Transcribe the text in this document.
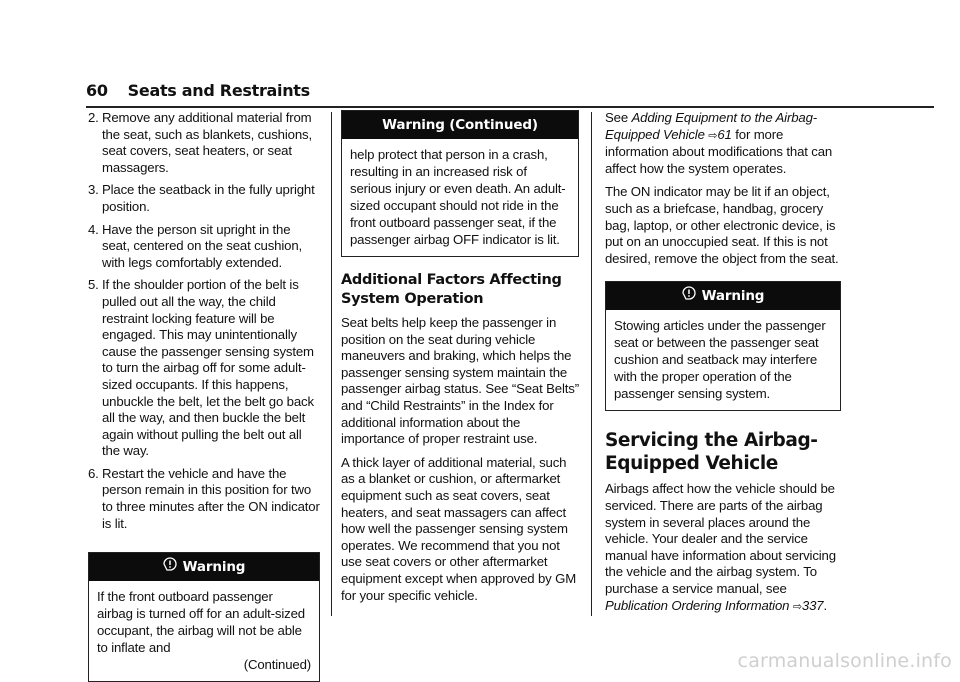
60 Seats and Restraints
2. Remove any additional material from the seat, such as blankets, cushions, seat covers, seat heaters, or seat massagers.
3. Place the seatback in the fully upright position.
4. Have the person sit upright in the seat, centered on the seat cushion, with legs comfortably extended.
5. If the shoulder portion of the belt is pulled out all the way, the child restraint locking feature will be engaged. This may unintentionally cause the passenger sensing system to turn the airbag off for some adult-sized occupants. If this happens, unbuckle the belt, let the belt go back all the way, and then buckle the belt again without pulling the belt out all the way.
6. Restart the vehicle and have the person remain in this position for two to three minutes after the ON indicator is lit.
Warning
If the front outboard passenger airbag is turned off for an adult-sized occupant, the airbag will not be able to inflate and
(Continued)
Warning (Continued)
help protect that person in a crash, resulting in an increased risk of serious injury or even death. An adult-sized occupant should not ride in the front outboard passenger seat, if the passenger airbag OFF indicator is lit.
Additional Factors Affecting System Operation

Seat belts help keep the passenger in position on the seat during vehicle maneuvers and braking, which helps the passenger sensing system maintain the passenger airbag status. See “Seat Belts” and “Child Restraints” in the Index for additional information about the importance of proper restraint use.

A thick layer of additional material, such as a blanket or cushion, or aftermarket equipment such as seat covers, seat heaters, and seat massagers can affect how well the passenger sensing system operates. We recommend that you not use seat covers or other aftermarket equipment except when approved by GM for your specific vehicle.

See Adding Equipment to the Airbag-Equipped Vehicle ⇨61 for more information about modifications that can affect how the system operates.

The ON indicator may be lit if an object, such as a briefcase, handbag, grocery bag, laptop, or other electronic device, is put on an unoccupied seat. If this is not desired, remove the object from the seat.

Warning
Stowing articles under the passenger seat or between the passenger seat cushion and seatback may interfere with the proper operation of the passenger sensing system.
Servicing the Airbag-Equipped Vehicle

Airbags affect how the vehicle should be serviced. There are parts of the airbag system in several places around the vehicle. Your dealer and the service manual have information about servicing the vehicle and the airbag system. To purchase a service manual, see Publication Ordering Information ⇨337.

carmanualsonline.info
